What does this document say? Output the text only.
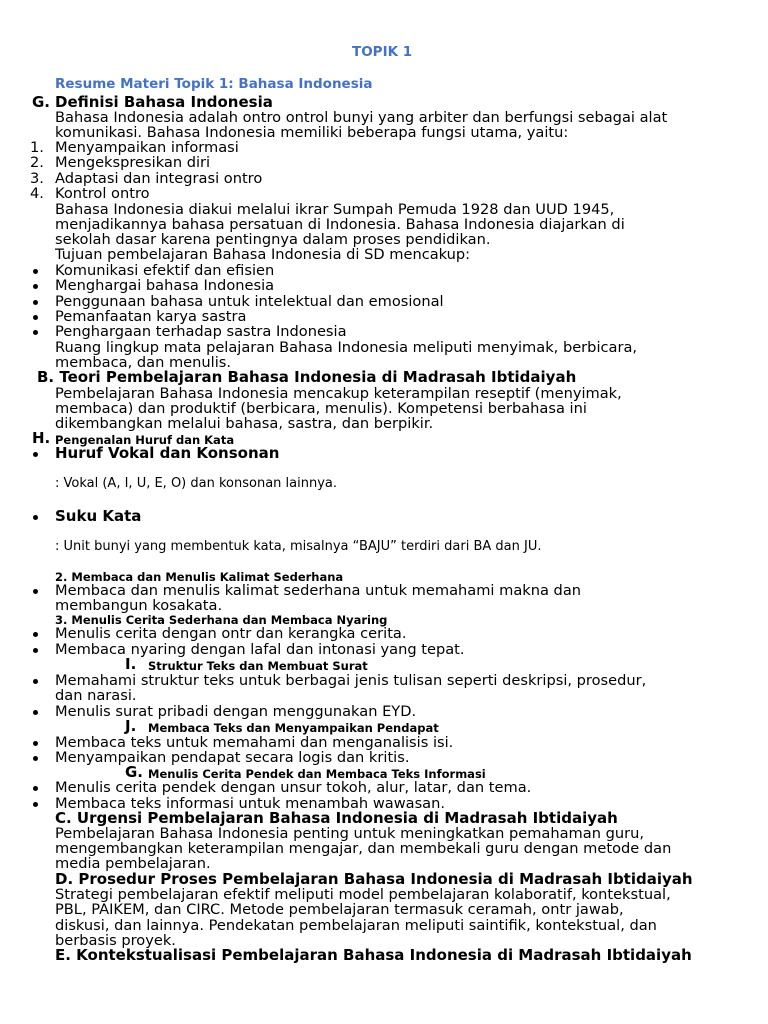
TOPIK 1
Resume Materi Topik 1: Bahasa Indonesia
G. Definisi Bahasa Indonesia
Bahasa Indonesia adalah ontro ontrol bunyi yang arbiter dan berfungsi sebagai alat
komunikasi. Bahasa Indonesia memiliki beberapa fungsi utama, yaitu:
1. Menyampaikan informasi
2. Mengekspresikan diri
3. Adaptasi dan integrasi ontro
4. Kontrol ontro
Bahasa Indonesia diakui melalui ikrar Sumpah Pemuda 1928 dan UUD 1945,
menjadikannya bahasa persatuan di Indonesia. Bahasa Indonesia diajarkan di
sekolah dasar karena pentingnya dalam proses pendidikan.
Tujuan pembelajaran Bahasa Indonesia di SD mencakup:
Komunikasi efektif dan efisien
Menghargai bahasa Indonesia
Penggunaan bahasa untuk intelektual dan emosional
Pemanfaatan karya sastra
Penghargaan terhadap sastra Indonesia
Ruang lingkup mata pelajaran Bahasa Indonesia meliputi menyimak, berbicara,
membaca, dan menulis.
B. Teori Pembelajaran Bahasa Indonesia di Madrasah Ibtidaiyah
Pembelajaran Bahasa Indonesia mencakup keterampilan reseptif (menyimak,
membaca) dan produktif (berbicara, menulis). Kompetensi berbahasa ini
dikembangkan melalui bahasa, sastra, dan berpikir.
H. Pengenalan Huruf dan Kata
Huruf Vokal dan Konsonan
: Vokal (A, I, U, E, O) dan konsonan lainnya.
Suku Kata
: Unit bunyi yang membentuk kata, misalnya “BAJU” terdiri dari BA dan JU.
2. Membaca dan Menulis Kalimat Sederhana
Membaca dan menulis kalimat sederhana untuk memahami makna dan
membangun kosakata.
3. Menulis Cerita Sederhana dan Membaca Nyaring
Menulis cerita dengan ontr dan kerangka cerita.
Membaca nyaring dengan lafal dan intonasi yang tepat.
I. Struktur Teks dan Membuat Surat
Memahami struktur teks untuk berbagai jenis tulisan seperti deskripsi, prosedur,
dan narasi.
Menulis surat pribadi dengan menggunakan EYD.
J. Membaca Teks dan Menyampaikan Pendapat
Membaca teks untuk memahami dan menganalisis isi.
Menyampaikan pendapat secara logis dan kritis.
G. Menulis Cerita Pendek dan Membaca Teks Informasi
Menulis cerita pendek dengan unsur tokoh, alur, latar, dan tema.
Membaca teks informasi untuk menambah wawasan.
C. Urgensi Pembelajaran Bahasa Indonesia di Madrasah Ibtidaiyah
Pembelajaran Bahasa Indonesia penting untuk meningkatkan pemahaman guru,
mengembangkan keterampilan mengajar, dan membekali guru dengan metode dan
media pembelajaran.
D. Prosedur Proses Pembelajaran Bahasa Indonesia di Madrasah Ibtidaiyah
Strategi pembelajaran efektif meliputi model pembelajaran kolaboratif, kontekstual,
PBL, PAIKEM, dan CIRC. Metode pembelajaran termasuk ceramah, ontr jawab,
diskusi, dan lainnya. Pendekatan pembelajaran meliputi saintifik, kontekstual, dan
berbasis proyek.
E. Kontekstualisasi Pembelajaran Bahasa Indonesia di Madrasah Ibtidaiyah
